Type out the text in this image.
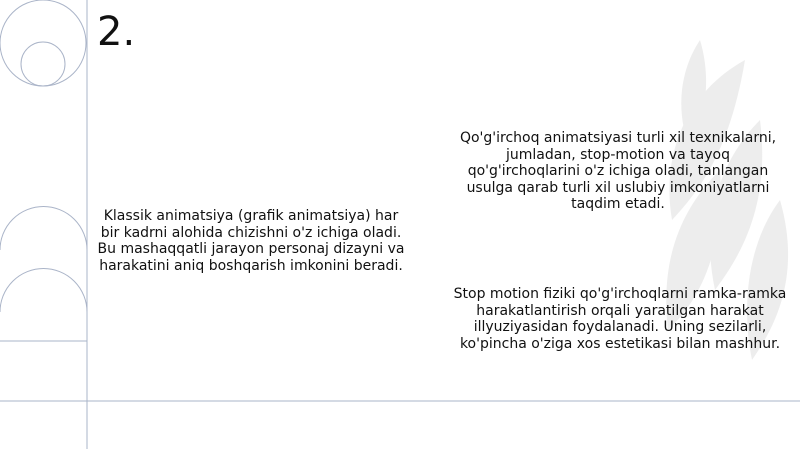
2.
Klassik animatsiya (grafik animatsiya) har bir kadrni alohida chizishni o'z ichiga oladi. Bu mashaqqatli jarayon personaj dizayni va harakatini aniq boshqarish imkonini beradi.
Qo'g'irchoq animatsiyasi turli xil texnikalarni, jumladan, stop-motion va tayoq qo'g'irchoqlarini o'z ichiga oladi, tanlangan usulga qarab turli xil uslubiy imkoniyatlarni taqdim etadi.
Stop motion fiziki qo'g'irchoqlarni ramka-ramka harakatlantirish orqali yaratilgan harakat illyuziyasidan foydalanadi. Uning sezilarli, ko'pincha o'ziga xos estetikasi bilan mashhur.
